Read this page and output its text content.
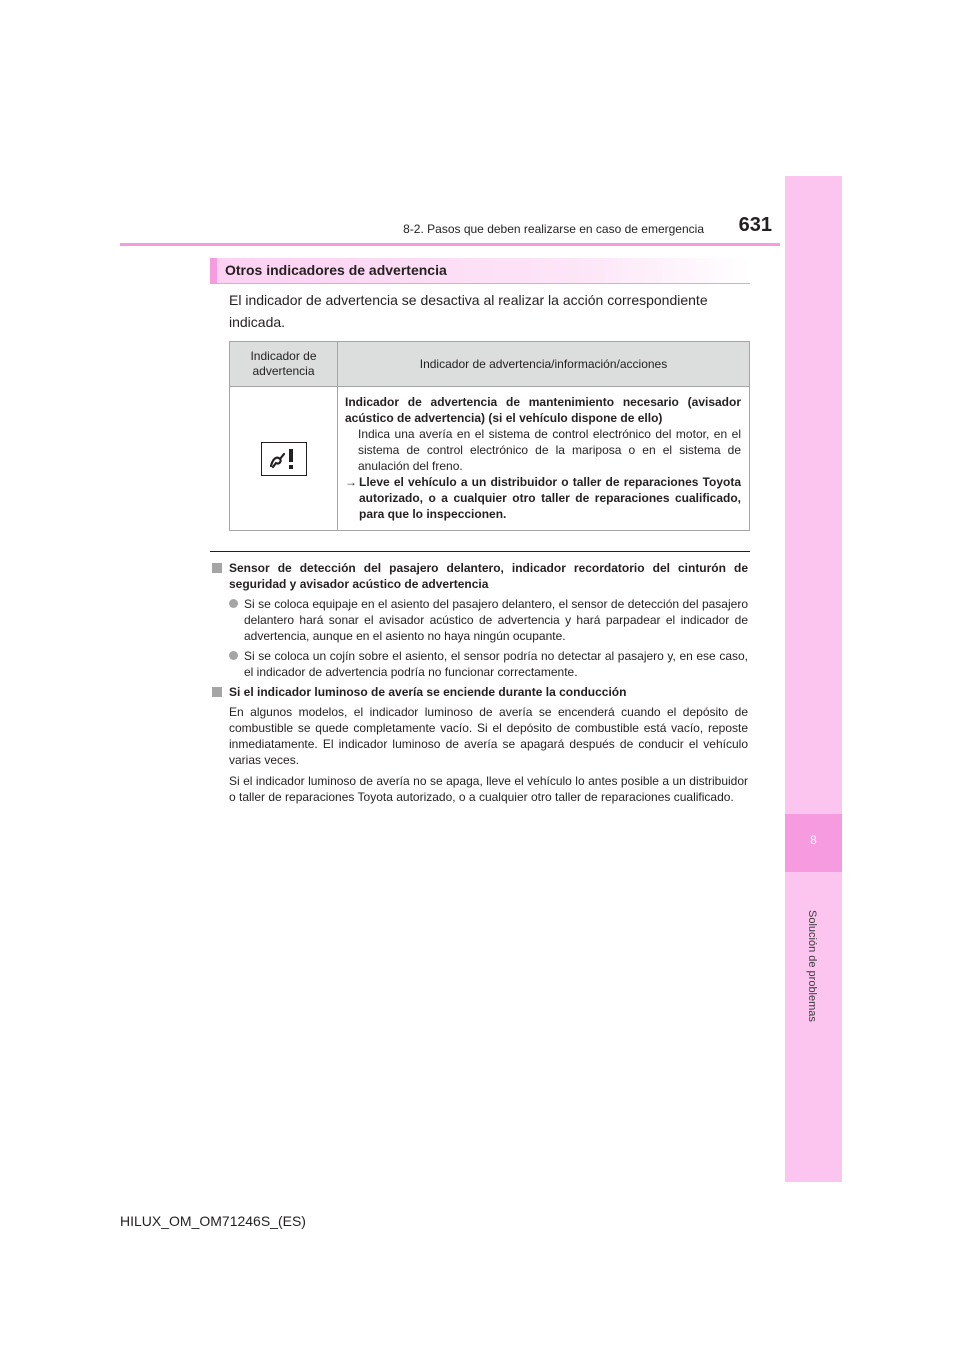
8
Solución de problemas
8-2. Pasos que deben realizarse en caso de emergencia	631
Otros indicadores de advertencia
El indicador de advertencia se desactiva al realizar la acción correspondiente indicada.
Indicador de advertencia	Indicador de advertencia/información/acciones

Indicador de advertencia de mantenimiento necesario (avisador acústico de advertencia) (si el vehículo dispone de ello)
Indica una avería en el sistema de control electrónico del motor, en el sistema de control electrónico de la mariposa o en el sistema de anulación del freno.
→ Lleve el vehículo a un distribuidor o taller de reparaciones Toyota autorizado, o a cualquier otro taller de reparaciones cualificado, para que lo inspeccionen.
Sensor de detección del pasajero delantero, indicador recordatorio del cinturón de seguridad y avisador acústico de advertencia
Si se coloca equipaje en el asiento del pasajero delantero, el sensor de detección del pasajero delantero hará sonar el avisador acústico de advertencia y hará parpadear el indicador de advertencia, aunque en el asiento no haya ningún ocupante.
Si se coloca un cojín sobre el asiento, el sensor podría no detectar al pasajero y, en ese caso, el indicador de advertencia podría no funcionar correctamente.
Si el indicador luminoso de avería se enciende durante la conducción
En algunos modelos, el indicador luminoso de avería se encenderá cuando el depósito de combustible se quede completamente vacío. Si el depósito de combustible está vacío, reposte inmediatamente. El indicador luminoso de avería se apagará después de conducir el vehículo varias veces.
Si el indicador luminoso de avería no se apaga, lleve el vehículo lo antes posible a un distribuidor o taller de reparaciones Toyota autorizado, o a cualquier otro taller de reparaciones cualificado.
HILUX_OM_OM71246S_(ES)
